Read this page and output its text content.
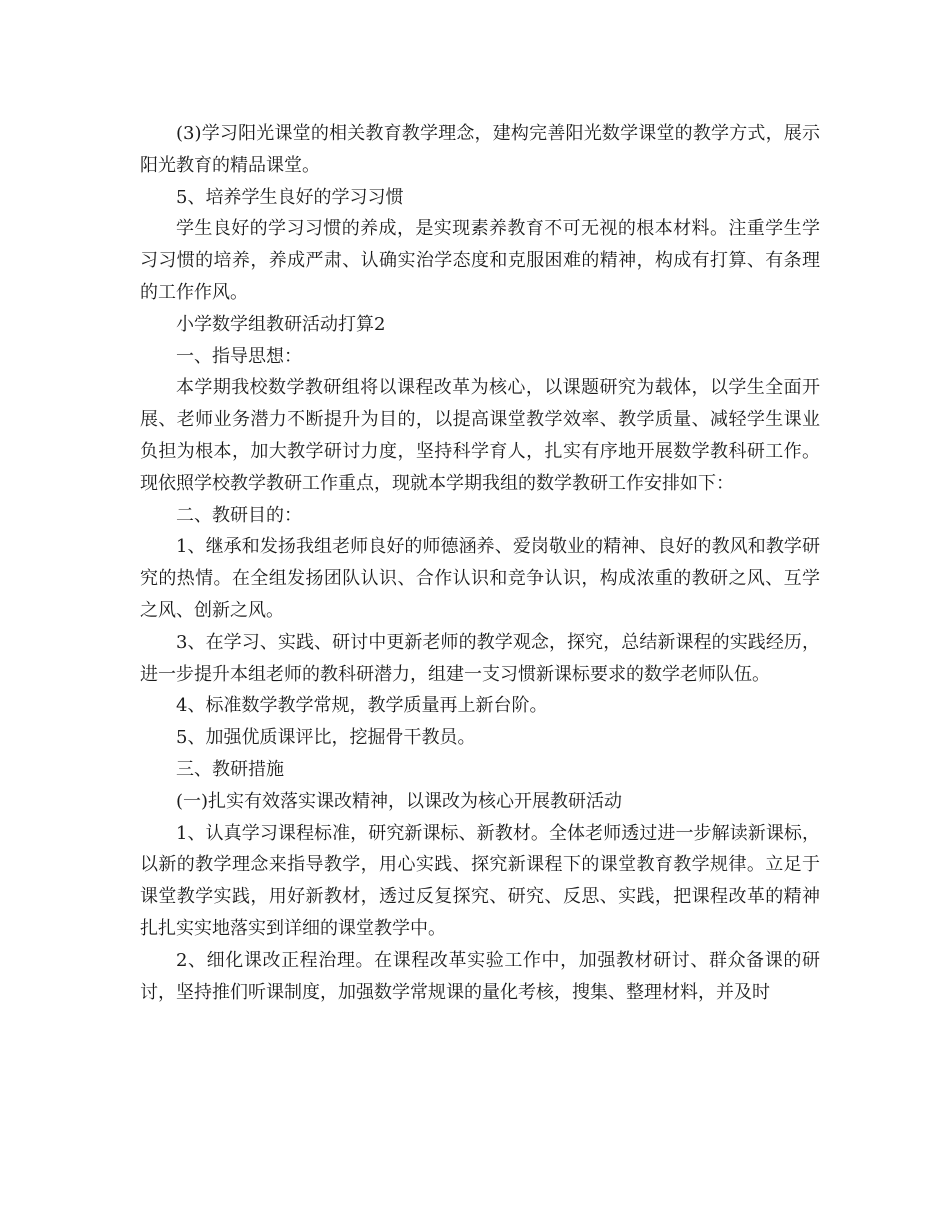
(3)学习阳光课堂的相关教育教学理念，建构完善阳光数学课堂的教学方式，展示阳光教育的精品课堂。

5、培养学生良好的学习习惯

学生良好的学习习惯的养成，是实现素养教育不可无视的根本材料。注重学生学习习惯的培养，养成严肃、认确实治学态度和克服困难的精神，构成有打算、有条理的工作作风。

小学数学组教研活动打算2

一、指导思想：

本学期我校数学教研组将以课程改革为核心，以课题研究为载体，以学生全面开展、老师业务潜力不断提升为目的，以提高课堂教学效率、教学质量、减轻学生课业负担为根本，加大教学研讨力度，坚持科学育人，扎实有序地开展数学教科研工作。现依照学校教学教研工作重点，现就本学期我组的数学教研工作安排如下：

二、教研目的：

1、继承和发扬我组老师良好的师德涵养、爱岗敬业的精神、良好的教风和教学研究的热情。在全组发扬团队认识、合作认识和竞争认识，构成浓重的教研之风、互学之风、创新之风。

3、在学习、实践、研讨中更新老师的教学观念，探究，总结新课程的实践经历，进一步提升本组老师的教科研潜力，组建一支习惯新课标要求的数学老师队伍。

4、标准数学教学常规，教学质量再上新台阶。

5、加强优质课评比，挖掘骨干教员。

三、教研措施

(一)扎实有效落实课改精神，以课改为核心开展教研活动

1、认真学习课程标准，研究新课标、新教材。全体老师透过进一步解读新课标，以新的教学理念来指导教学，用心实践、探究新课程下的课堂教育教学规律。立足于课堂教学实践，用好新教材，透过反复探究、研究、反思、实践，把课程改革的精神扎扎实实地落实到详细的课堂教学中。

2、细化课改正程治理。在课程改革实验工作中，加强教材研讨、群众备课的研讨，坚持推们听课制度，加强数学常规课的量化考核，搜集、整理材料，并及时
